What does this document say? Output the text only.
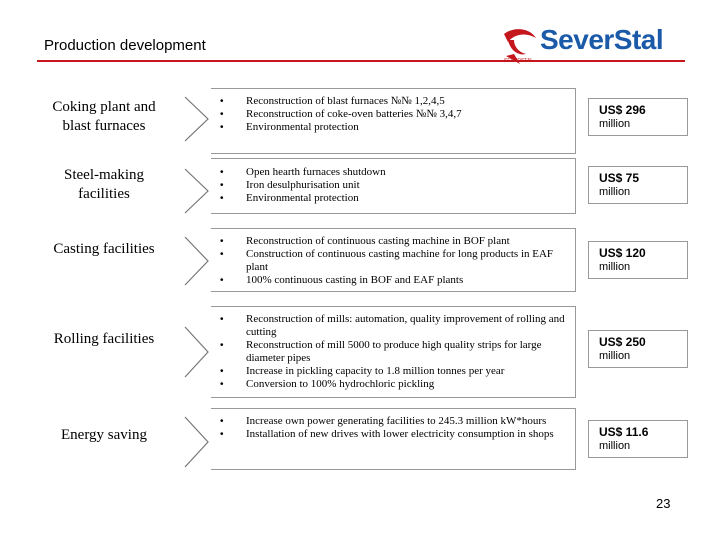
Production development	SeverStal
SEVERSTAL
Coking plant and blast furnaces
• Reconstruction of blast furnaces №№ 1,2,4,5
• Reconstruction of coke-oven batteries №№ 3,4,7
• Environmental protection
US$ 296
million
Steel-making facilities
• Open hearth furnaces shutdown
• Iron desulphurisation unit
• Environmental protection
US$ 75
million
Casting facilities
•	Reconstruction of continuous casting machine in BOF plant
• Construction of continuous casting machine for long products in EAF plant
• 100% continuous casting in BOF and EAF plants
US$ 120
million
Rolling facilities
• Reconstruction of mills: automation, quality improvement of rolling and cutting
• Reconstruction of mill 5000 to produce high quality strips for large diameter pipes
• Increase in pickling capacity to 1.8 million tonnes per year
• Conversion to 100% hydrochloric pickling
US$ 250
million
Energy saving
• Increase own power generating facilities to 245.3 million kW*hours
• Installation of new drives with lower electricity consumption in shops	US$ 11.6
million
23
